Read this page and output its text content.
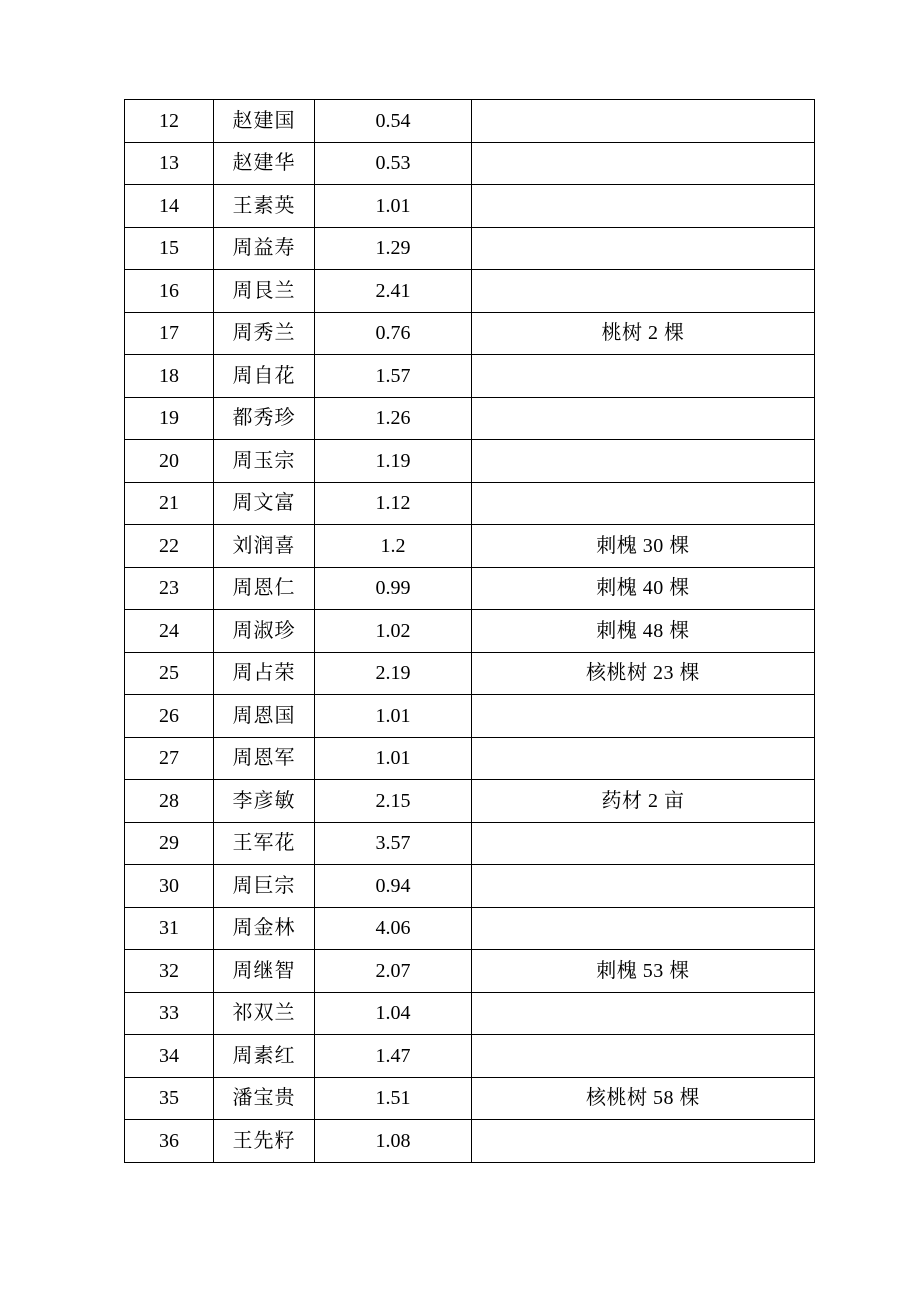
12	赵建国	0.54	
13	赵建华	0.53	
14	王素英	1.01	
15	周益寿	1.29	
16	周艮兰	2.41	
17	周秀兰	0.76	桃树 2 棵
18	周自花	1.57	
19	都秀珍	1.26	
20	周玉宗	1.19	
21	周文富	1.12	
22	刘润喜	1.2	刺槐 30 棵
23	周恩仁	0.99	刺槐 40 棵
24	周淑珍	1.02	刺槐 48 棵
25	周占荣	2.19	核桃树 23 棵
26	周恩国	1.01	
27	周恩军	1.01	
28	李彦敏	2.15	药材 2 亩
29	王军花	3.57	
30	周巨宗	0.94	
31	周金林	4.06	
32	周继智	2.07	刺槐 53 棵
33	祁双兰	1.04	
34	周素红	1.47	
35	潘宝贵	1.51	核桃树 58 棵
36	王先籽	1.08	
